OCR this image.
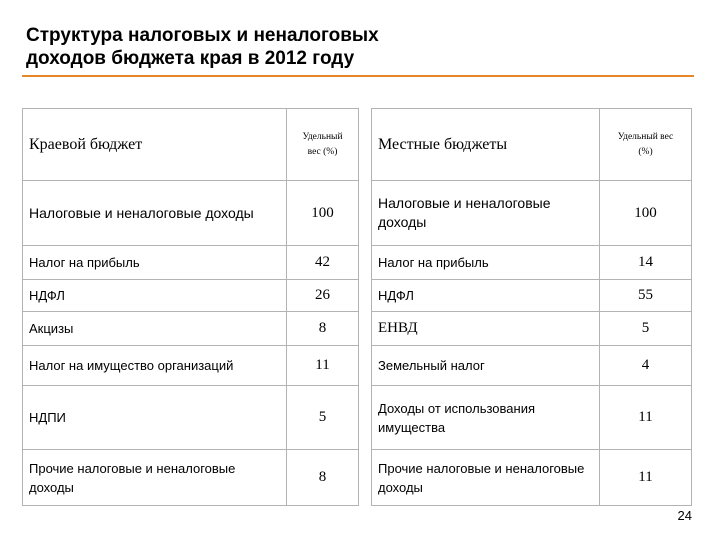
Структура налоговых и неналоговых
доходов бюджета края в 2012 году
Краевой бюджет	Удельный
вес (%)

Налоговые и неналоговые доходы	100
Налог на прибыль	42
НДФЛ	26
Акцизы	8
Налог на имущество организаций	11
НДПИ	5
Прочие налоговые и неналоговые доходы	8
Местные бюджеты	Удельный вес
(%)

Налоговые и неналоговые доходы	100
Налог на прибыль	14
НДФЛ	55
ЕНВД	5
Земельный налог	4
Доходы от использования имущества	11
Прочие налоговые и неналоговые доходы	11
24
